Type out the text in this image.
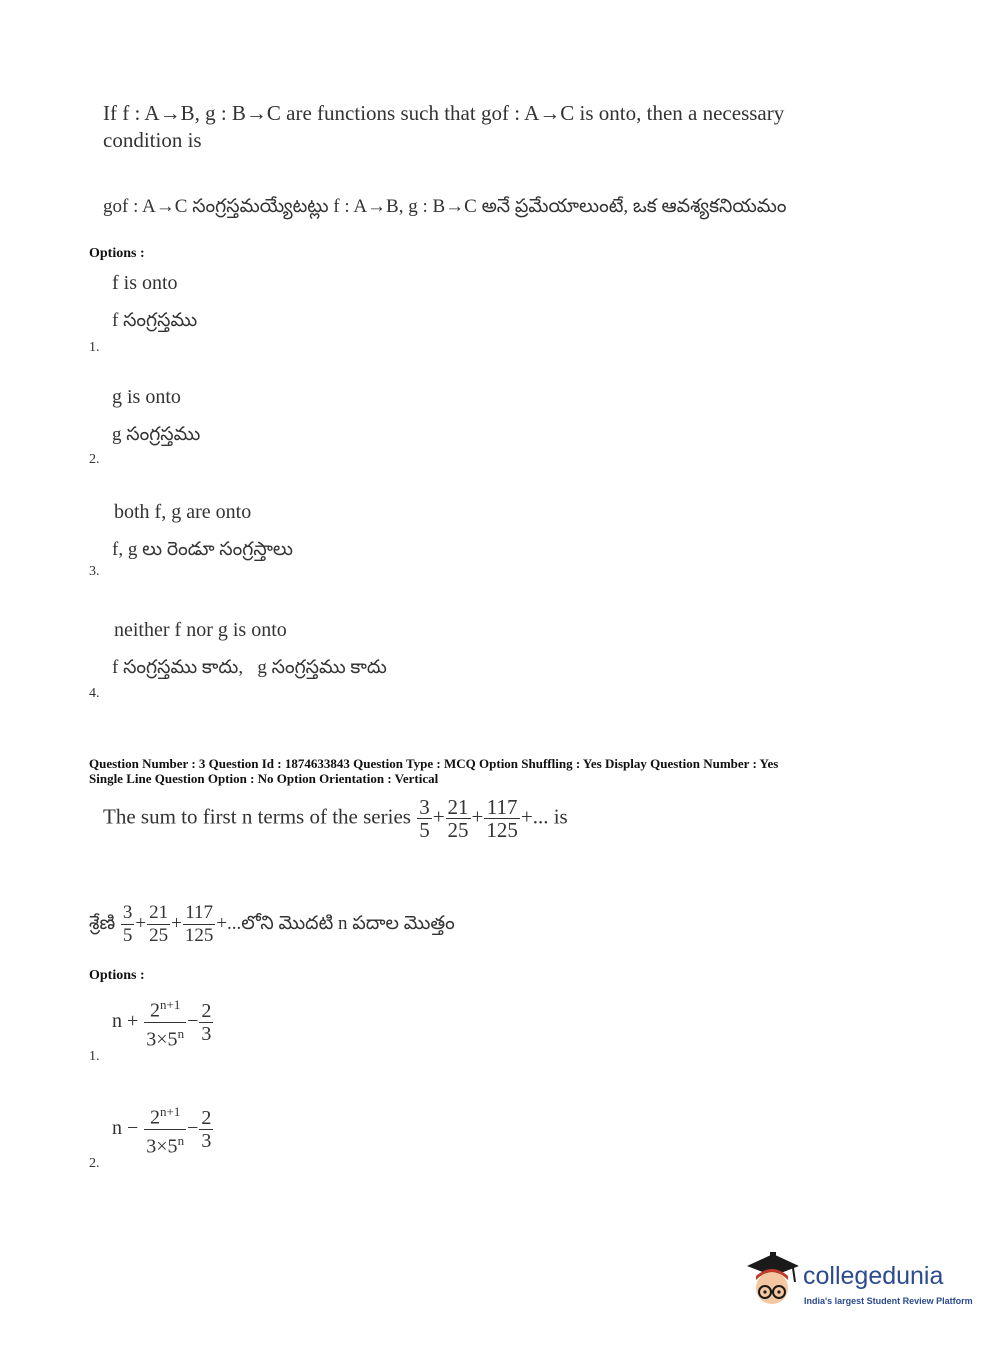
If f : A→B, g : B→C are functions such that gof : A→C is onto, then a necessary
condition is
gof : A→C సంగ్రస్తమయ్యేటట్లు f : A→B, g : B→C అనే ప్రమేయాలుంటే, ఒక ఆవశ్యకనియమం
Options :
f is onto
f సంగ్రస్తము
1.
g is onto
g సంగ్రస్తము
2.
both f, g are onto
f, g లు రెండూ సంగ్రస్తాలు
3.
neither f nor g is onto
f సంగ్రస్తము కాదు,   g సంగ్రస్తము కాదు
4.
Question Number : 3 Question Id : 1874633843 Question Type : MCQ Option Shuffling : Yes Display Question Number : Yes
Single Line Question Option : No Option Orientation : Vertical
The sum to first n terms of the series $\frac{3}{5} + \frac{21}{25} + \frac{117}{125}$ +... is
శ్రేణి $\frac{3}{5} + \frac{21}{25} + \frac{117}{125}$ +...లోని మొదటి n పదాల మొత్తం
Options :
$n + \frac{2^{n+1}}{3\times 5^n} - \frac{2}{3}$
1.
$n - \frac{2^{n+1}}{3\times 5^n} - \frac{2}{3}$
2.
collegedunia
India's largest Student Review Platform
